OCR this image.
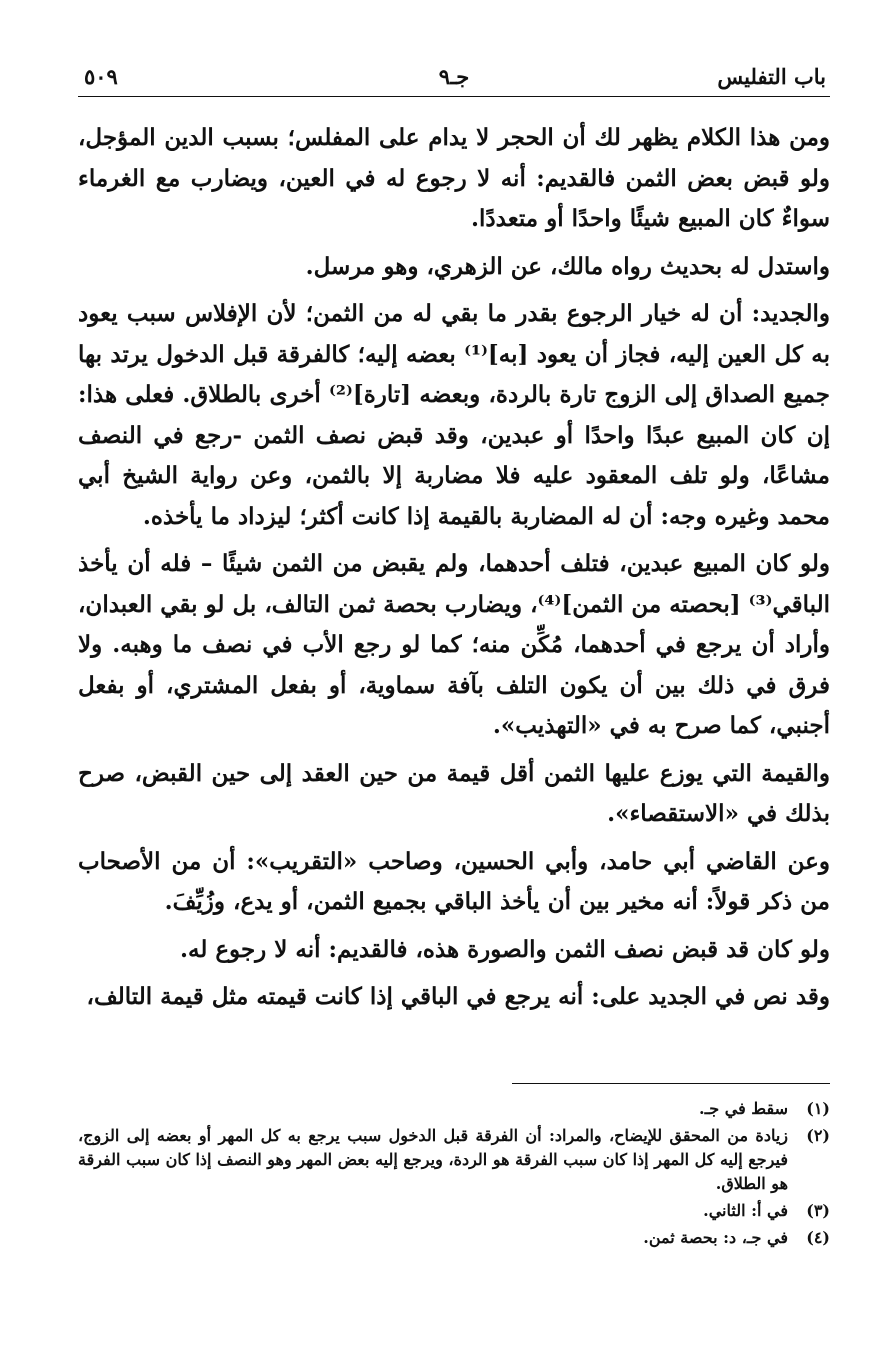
باب التفليس
جـ٩
٥٠٩

ومن هذا الكلام يظهر لك أن الحجر لا يدام على المفلس؛ بسبب الدين المؤجل، ولو قبض بعض الثمن فالقديم: أنه لا رجوع له في العين، ويضارب مع الغرماء سواءٌ كان المبيع شيئًا واحدًا أو متعددًا.

واستدل له بحديث رواه مالك، عن الزهري، وهو مرسل.

والجديد: أن له خيار الرجوع بقدر ما بقي له من الثمن؛ لأن الإفلاس سبب يعود به كل العين إليه، فجاز أن يعود [به]⁽¹⁾ بعضه إليه؛ كالفرقة قبل الدخول يرتد بها جميع الصداق إلى الزوج تارة بالردة، وبعضه [تارة]⁽²⁾ أخرى بالطلاق. فعلى هذا: إن كان المبيع عبدًا واحدًا أو عبدين، وقد قبض نصف الثمن -رجع في النصف مشاعًا، ولو تلف المعقود عليه فلا مضاربة إلا بالثمن، وعن رواية الشيخ أبي محمد وغيره وجه: أن له المضاربة بالقيمة إذا كانت أكثر؛ ليزداد ما يأخذه.

ولو كان المبيع عبدين، فتلف أحدهما، ولم يقبض من الثمن شيئًا – فله أن يأخذ الباقي⁽³⁾ [بحصته من الثمن]⁽⁴⁾، ويضارب بحصة ثمن التالف، بل لو بقي العبدان، وأراد أن يرجع في أحدهما، مُكِّن منه؛ كما لو رجع الأب في نصف ما وهبه. ولا فرق في ذلك بين أن يكون التلف بآفة سماوية، أو بفعل المشتري، أو بفعل أجنبي، كما صرح به في «التهذيب».

والقيمة التي يوزع عليها الثمن أقل قيمة من حين العقد إلى حين القبض، صرح بذلك في «الاستقصاء».

وعن القاضي أبي حامد، وأبي الحسين، وصاحب «التقريب»: أن من الأصحاب من ذكر قولاً: أنه مخير بين أن يأخذ الباقي بجميع الثمن، أو يدع، وزُيِّفَ.

ولو كان قد قبض نصف الثمن والصورة هذه، فالقديم: أنه لا رجوع له.

وقد نص في الجديد على: أنه يرجع في الباقي إذا كانت قيمته مثل قيمة التالف،

(١)
سقط في جـ.
(٢)
زيادة من المحقق للإيضاح، والمراد: أن الفرقة قبل الدخول سبب يرجع به كل المهر أو بعضه إلى الزوج، فيرجع إليه كل المهر إذا كان سبب الفرقة هو الردة، ويرجع إليه بعض المهر وهو النصف إذا كان سبب الفرقة هو الطلاق.
(٣)
في أ: الثاني.
(٤)
في جـ، د: بحصة ثمن.
